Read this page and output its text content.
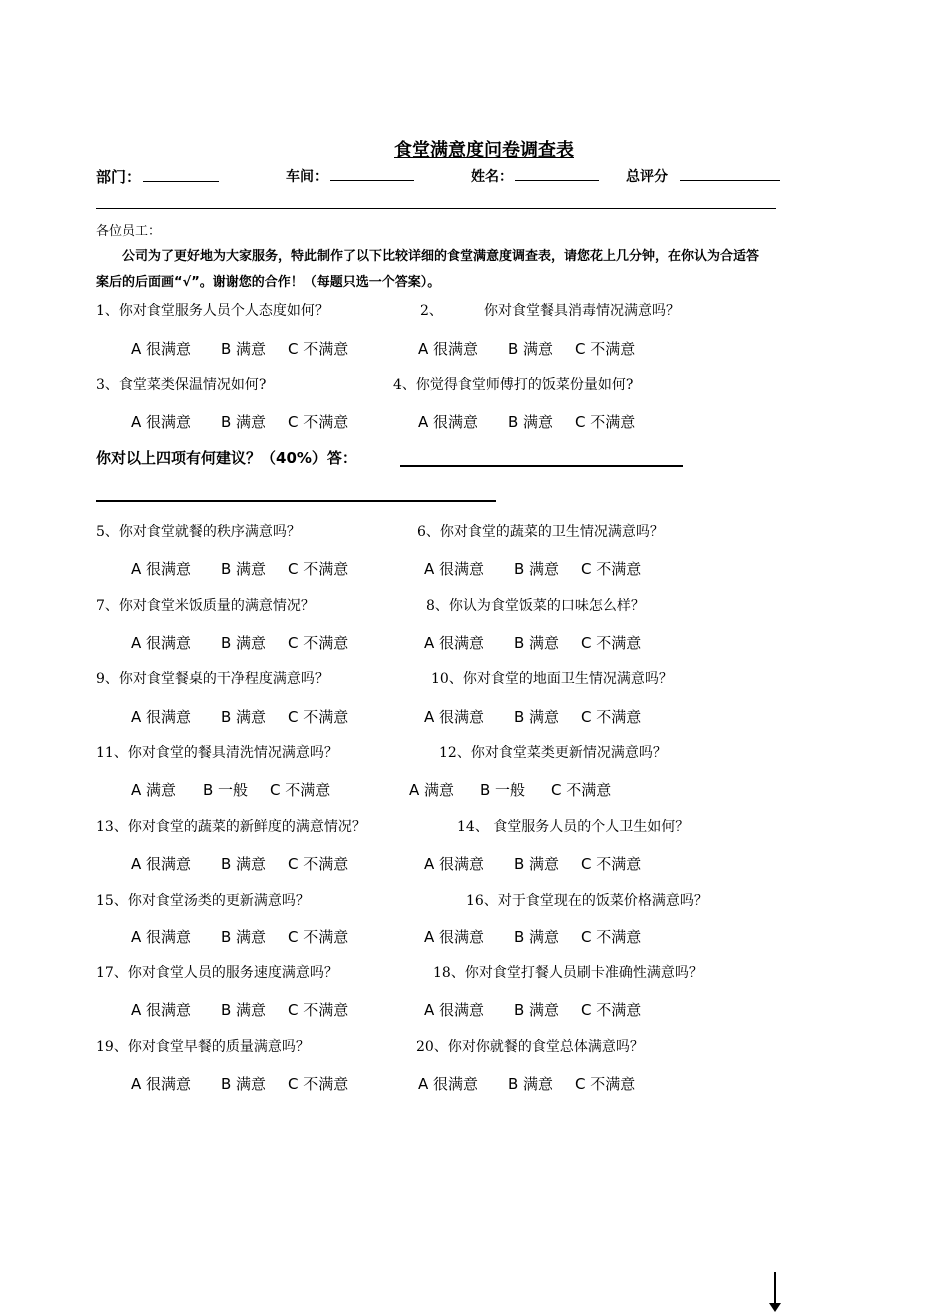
食堂满意度问卷调查表
部门：	车间：	姓名：	总评分
各位员工：
公司为了更好地为大家服务，特此制作了以下比较详细的食堂满意度调查表，请您花上几分钟，在你认为合适答
案后的后面画“√”。谢谢您的合作！（每题只选一个答案）。
1、你对食堂服务人员个人态度如何？	2、	你对食堂餐具消毒情况满意吗？
A 很满意 B 满意 C 不满意	A 很满意 B 满意 C 不满意
3、食堂菜类保温情况如何?	4、你觉得食堂师傅打的饭菜份量如何?
A 很满意 B 满意 C 不满意	A 很满意 B 满意 C 不满意
你对以上四项有何建议？（40%）答：
5、你对食堂就餐的秩序满意吗？	6、你对食堂的蔬菜的卫生情况满意吗？
A 很满意 B 满意 C 不满意	A 很满意 B 满意 C 不满意
7、你对食堂米饭质量的满意情况？	8、你认为食堂饭菜的口味怎么样？
A 很满意 B 满意 C 不满意	A 很满意 B 满意 C 不满意
9、你对食堂餐桌的干净程度满意吗？	10、你对食堂的地面卫生情况满意吗？
A 很满意 B 满意 C 不满意	A 很满意 B 满意 C 不满意
11、你对食堂的餐具清洗情况满意吗？	12、你对食堂菜类更新情况满意吗？
A 满意 B 一般 C 不满意	A 满意 B 一般 C 不满意
13、你对食堂的蔬菜的新鲜度的满意情况？	14、 食堂服务人员的个人卫生如何？
A 很满意 B 满意 C 不满意	A 很满意 B 满意 C 不满意
15、你对食堂汤类的更新满意吗？	16、对于食堂现在的饭菜价格满意吗？
A 很满意 B 满意 C 不满意	A 很满意 B 满意 C 不满意
17、你对食堂人员的服务速度满意吗？	18、你对食堂打餐人员刷卡准确性满意吗？
A 很满意 B 满意 C 不满意	A 很满意 B 满意 C 不满意
19、你对食堂早餐的质量满意吗？	20、你对你就餐的食堂总体满意吗？
A 很满意 B 满意 C 不满意	A 很满意 B 满意 C 不满意
